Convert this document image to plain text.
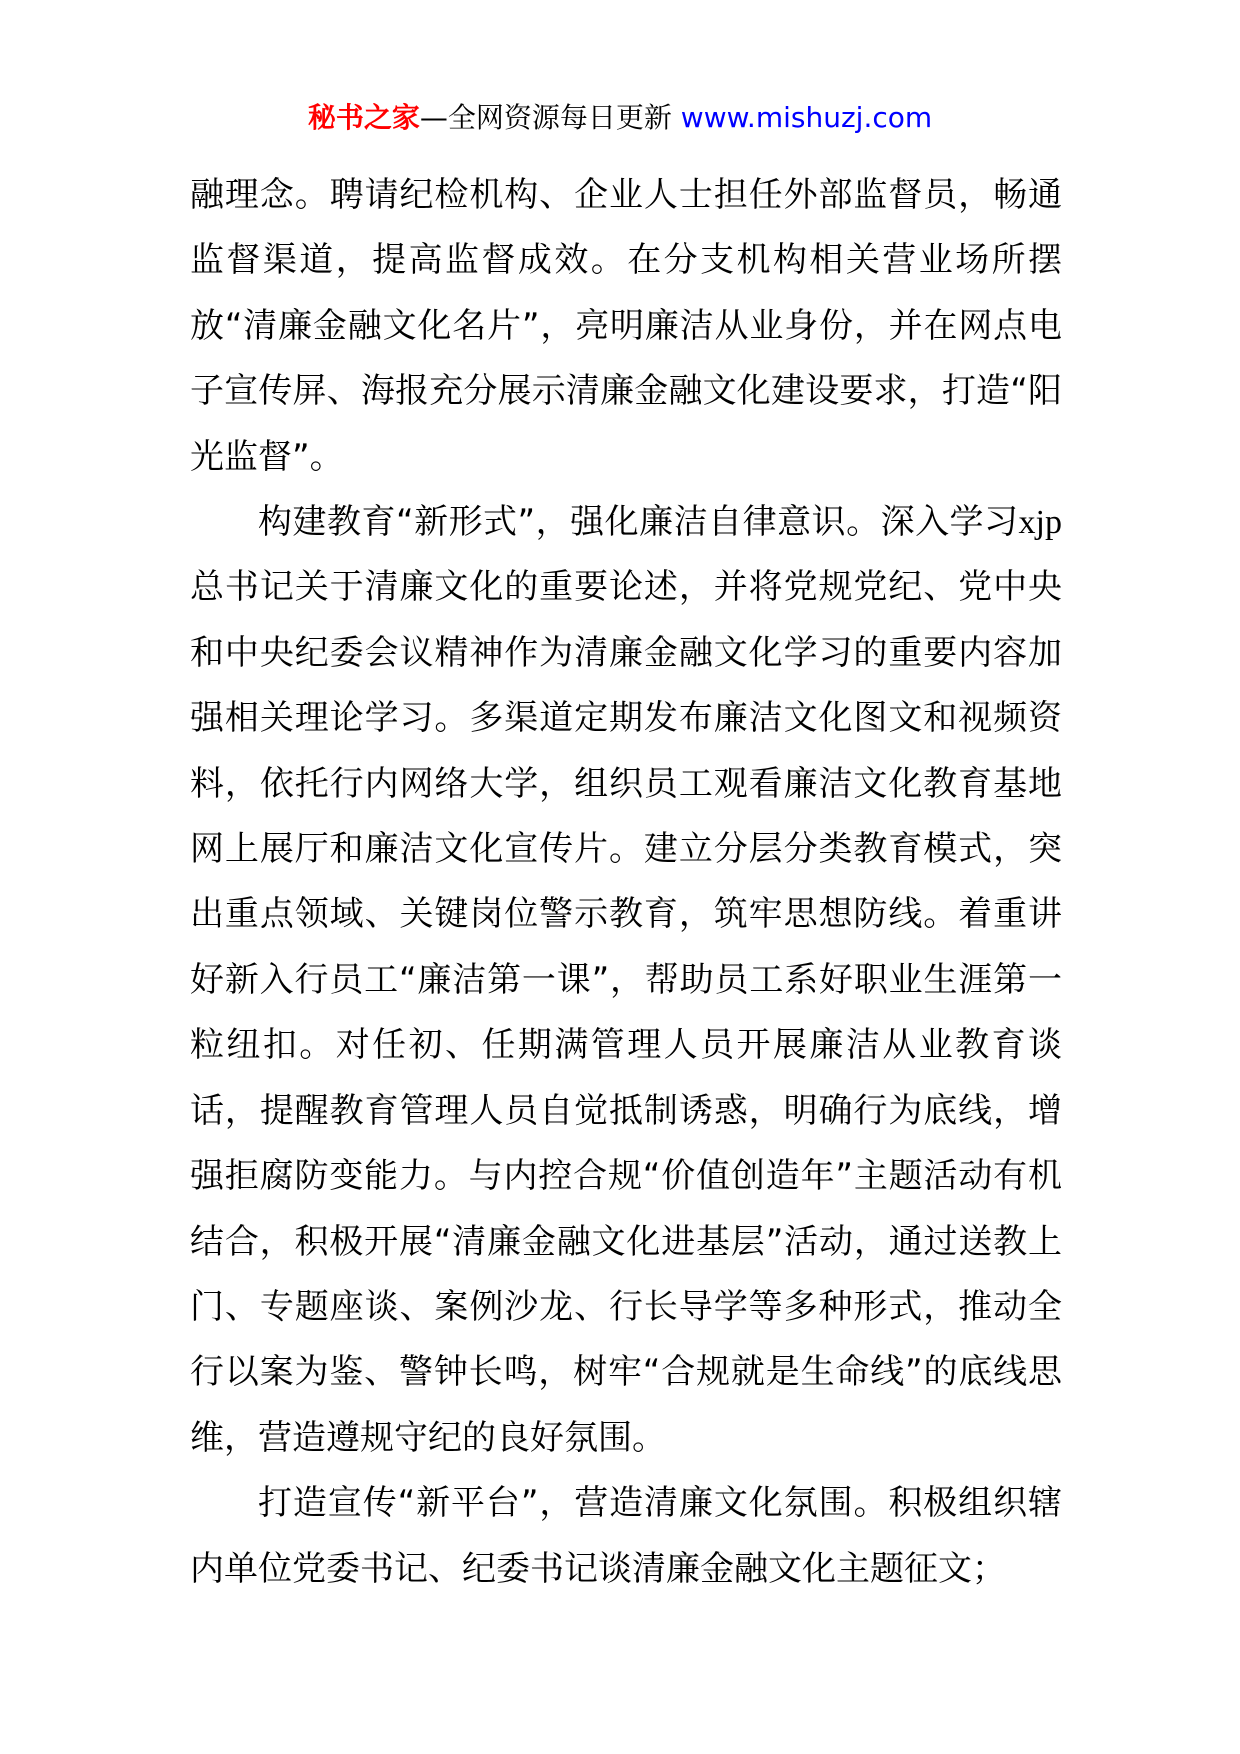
秘书之家—全网资源每日更新 www.mishuzj.com

融理念。聘请纪检机构、企业人士担任外部监督员，畅通监督渠道，提高监督成效。在分支机构相关营业场所摆放“清廉金融文化名片”，亮明廉洁从业身份，并在网点电子宣传屏、海报充分展示清廉金融文化建设要求，打造“阳光监督”。

构建教育“新形式”，强化廉洁自律意识。深入学习xjp 总书记关于清廉文化的重要论述，并将党规党纪、党中央和中央纪委会议精神作为清廉金融文化学习的重要内容加强相关理论学习。多渠道定期发布廉洁文化图文和视频资料，依托行内网络大学，组织员工观看廉洁文化教育基地网上展厅和廉洁文化宣传片。建立分层分类教育模式，突出重点领域、关键岗位警示教育，筑牢思想防线。着重讲好新入行员工“廉洁第一课”，帮助员工系好职业生涯第一粒纽扣。对任初、任期满管理人员开展廉洁从业教育谈话，提醒教育管理人员自觉抵制诱惑，明确行为底线，增强拒腐防变能力。与内控合规“价值创造年”主题活动有机结合，积极开展“清廉金融文化进基层”活动，通过送教上门、专题座谈、案例沙龙、行长导学等多种形式，推动全行以案为鉴、警钟长鸣，树牢“合规就是生命线”的底线思维，营造遵规守纪的良好氛围。

打造宣传“新平台”，营造清廉文化氛围。积极组织辖内单位党委书记、纪委书记谈清廉金融文化主题征文；
